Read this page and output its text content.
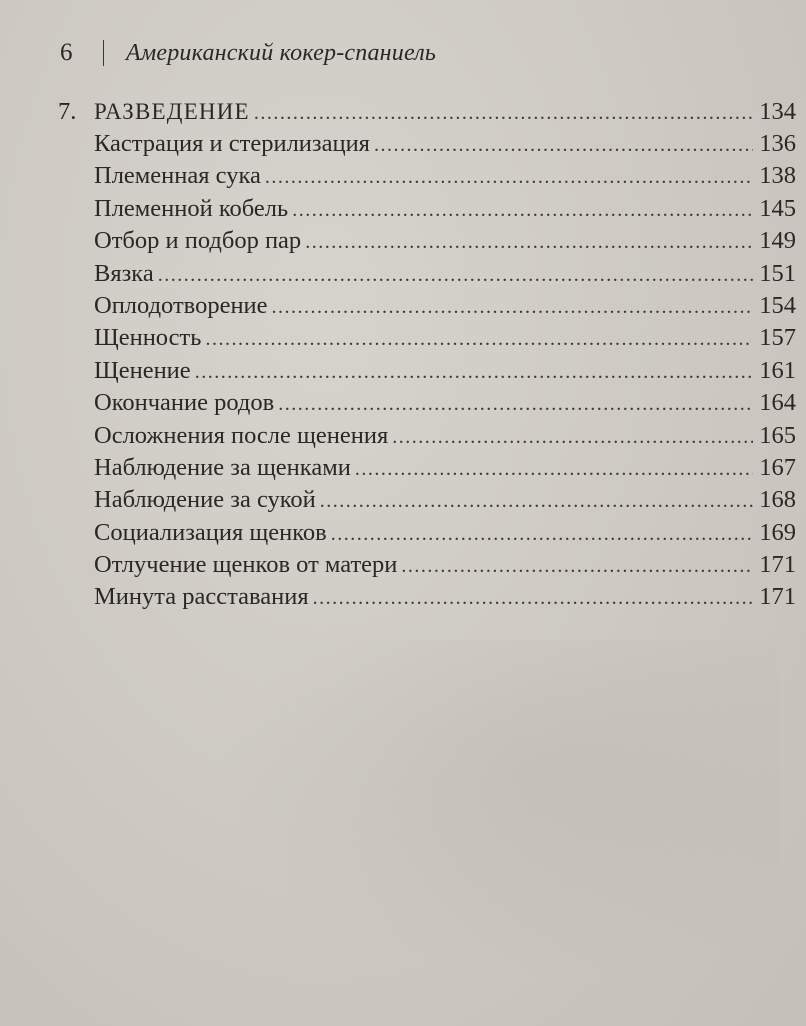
6 Американский кокер-спаниель
7. РАЗВЕДЕНИЕ .....	134
Кастрация и стерилизация .....	136
Племенная сука .....	138
Племенной кобель .....	145
Отбор и подбор пар .....	149
Вязка .....	151
Оплодотворение .....	154
Щенность .....	157
Щенение .....	161
Окончание родов .....	164
Осложнения после щенения .....	165
Наблюдение за щенками .....	167
Наблюдение за сукой .....	168
Социализация щенков .....	169
Отлучение щенков от матери .....	171
Минута расставания .....	171
